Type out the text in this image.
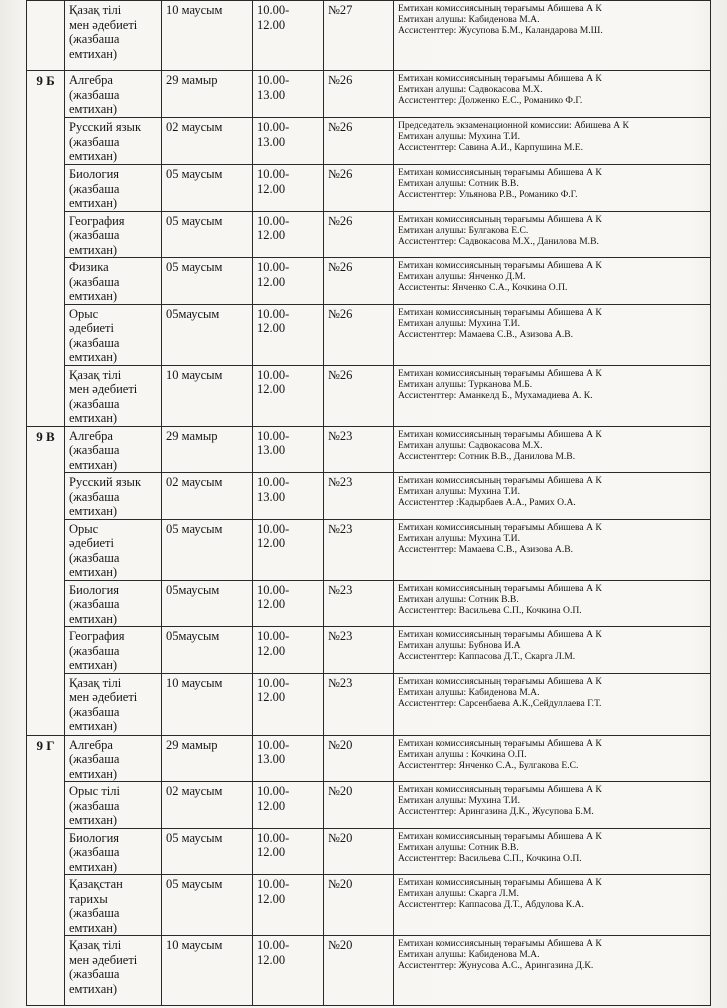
	Қазақ тілі
мен әдебиеті
(жазбаша
емтихан)	10 маусым	10.00-
12.00	№27	Емтихан комиссиясының төрағымы Абишева А К
Емтихан алушы: Кабиденова М.А.
Ассистенттер: Жусупова Б.М., Каландарова М.Ш.

9 Б	Алгебра
(жазбаша
емтихан)	29 мамыр	10.00-
13.00	№26	Емтихан комиссиясының төрағымы Абишева А К
Емтихан алушы: Садвокасова М.Х.
Ассистенттер: Долженко Е.С., Романико Ф.Г.

	Русский язык
(жазбаша
емтихан)	02 маусым	10.00-
13.00	№26	Председатель экзаменационной комиссии: Абишева А К
Емтихан алушы: Мухина Т.И.
Ассистенттер: Савина А.И., Карпушина М.Е.

	Биология
(жазбаша
емтихан)	05 маусым	10.00-
12.00	№26	Емтихан комиссиясының төрағымы Абишева А К
Емтихан алушы: Сотник В.В.
Ассистенттер: Ульянова Р.В., Романико Ф.Г.

	География
(жазбаша
емтихан)	05 маусым	10.00-
12.00	№26	Емтихан комиссиясының төрағымы Абишева А К
Емтихан алушы: Булгакова Е.С.
Ассистенттер: Садвокасова М.Х., Данилова М.В.

	Физика
(жазбаша
емтихан)	05 маусым	10.00-
12.00	№26	Емтихан комиссиясының төрағымы Абишева А К
Емтихан алушы: Янченко Д.М.
Ассистенты: Янченко С.А., Кочкина О.П.

	Орыс
әдебиеті
(жазбаша
емтихан)	05маусым	10.00-
12.00	№26	Емтихан комиссиясының төрағымы Абишева А К
Емтихан алушы: Мухина Т.И.
Ассистенттер: Мамаева С.В., Азизова А.В.

	Қазақ тілі
мен әдебиеті
(жазбаша
емтихан)	10 маусым	10.00-
12.00	№26	Емтихан комиссиясының төрағымы Абишева А К
Емтихан алушы: Турканова М.Б.
Ассистенттер: Аманкелд Б., Мухамадиева А. К.

9 В	Алгебра
(жазбаша
емтихан)	29 мамыр	10.00-
13.00	№23	Емтихан комиссиясының төрағымы Абишева А К
Емтихан алушы: Садвокасова М.Х.
Ассистенттер: Сотник В.В., Данилова М.В.

	Русский язык
(жазбаша
емтихан)	02 маусым	10.00-
13.00	№23	Емтихан комиссиясының төрағымы Абишева А К
Емтихан алушы: Мухина Т.И.
Ассистенттер :Кадырбаев А.А., Рамих О.А.

	Орыс
әдебиеті
(жазбаша
емтихан)	05 маусым	10.00-
12.00	№23	Емтихан комиссиясының төрағымы Абишева А К
Емтихан алушы: Мухина Т.И.
Ассистенттер: Мамаева С.В., Азизова А.В.

	Биология
(жазбаша
емтихан)	05маусым	10.00-
12.00	№23	Емтихан комиссиясының төрағымы Абишева А К
Емтихан алушы: Сотник В.В.
Ассистенттер: Васильева С.П., Кочкина О.П.

	География
(жазбаша
емтихан)	05маусым	10.00-
12.00	№23	Емтихан комиссиясының төрағымы Абишева А К
Емтихан алушы: Бубнова И.А
Ассистенттер: Каппасова Д.Т., Скарга Л.М.

	Қазақ тілі
мен әдебиеті
(жазбаша
емтихан)	10 маусым	10.00-
12.00	№23	Емтихан комиссиясының төрағымы Абишева А К
Емтихан алушы: Кабиденова М.А.
Ассистенттер: Сарсенбаева А.К.,Сейдуллаева Г.Т.

9 Г	Алгебра
(жазбаша
емтихан)	29 мамыр	10.00-
13.00	№20	Емтихан комиссиясының төрағымы Абишева А К
Емтихан алушы : Кочкина О.П.
Ассистенттер: Янченко С.А., Булгакова Е.С.

	Орыс тілі
(жазбаша
емтихан)	02 маусым	10.00-
12.00	№20	Емтихан комиссиясының төрағымы Абишева А К
Емтихан алушы: Мухина Т.И.
Ассистенттер: Арингазина Д.К., Жусупова Б.М.

	Биология
(жазбаша
емтихан)	05 маусым	10.00-
12.00	№20	Емтихан комиссиясының төрағымы Абишева А К
Емтихан алушы: Сотник В.В.
Ассистенттер: Васильева С.П., Кочкина О.П.

	Қазақстан
тарихы
(жазбаша
емтихан)	05 маусым	10.00-
12.00	№20	Емтихан комиссиясының төрағымы Абишева А К
Емтихан алушы: Скарга Л.М.
Ассистенттер: Каппасова Д.Т., Абдулова К.А.

	Қазақ тілі
мен әдебиеті
(жазбаша
емтихан)	10 маусым	10.00-
12.00	№20	Емтихан комиссиясының төрағымы Абишева А К
Емтихан алушы: Кабиденова М.А.
Ассистенттер: Жунусова А.С., Арингазина Д.К.
